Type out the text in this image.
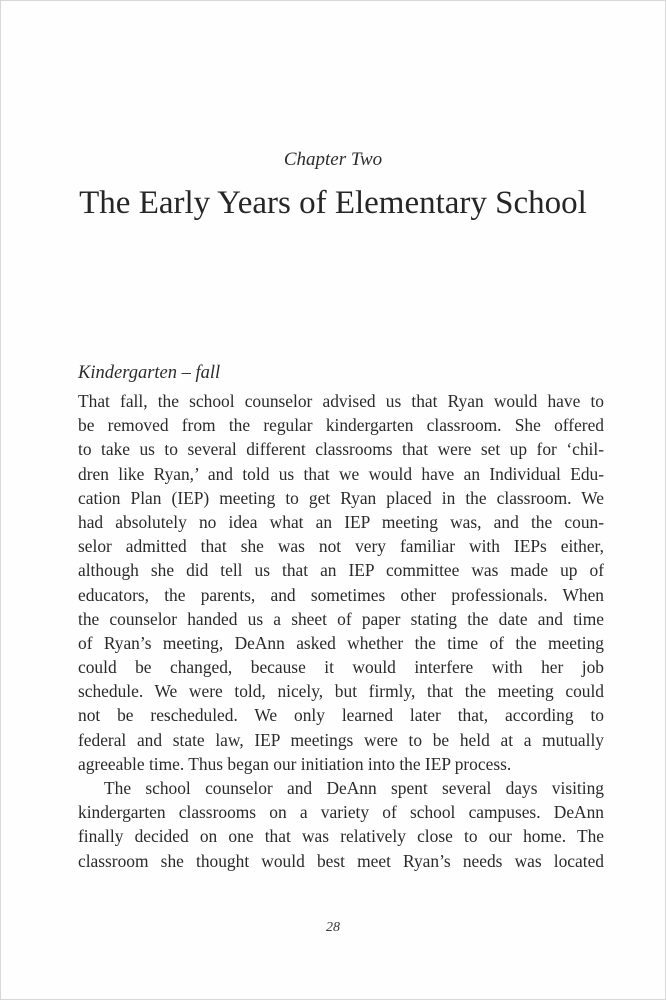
Chapter Two
The Early Years of Elementary School
Kindergarten – fall
That fall, the school counselor advised us that Ryan would have to
be removed from the regular kindergarten classroom. She offered
to take us to several different classrooms that were set up for ‘chil-
dren like Ryan,’ and told us that we would have an Individual Edu-
cation Plan (IEP) meeting to get Ryan placed in the classroom. We
had absolutely no idea what an IEP meeting was, and the coun-
selor admitted that she was not very familiar with IEPs either,
although she did tell us that an IEP committee was made up of
educators, the parents, and sometimes other professionals. When
the counselor handed us a sheet of paper stating the date and time
of Ryan’s meeting, DeAnn asked whether the time of the meeting
could be changed, because it would interfere with her job
schedule. We were told, nicely, but firmly, that the meeting could
not be rescheduled. We only learned later that, according to
federal and state law, IEP meetings were to be held at a mutually
agreeable time. Thus began our initiation into the IEP process.
The school counselor and DeAnn spent several days visiting
kindergarten classrooms on a variety of school campuses. DeAnn
finally decided on one that was relatively close to our home. The
classroom she thought would best meet Ryan’s needs was located
28
